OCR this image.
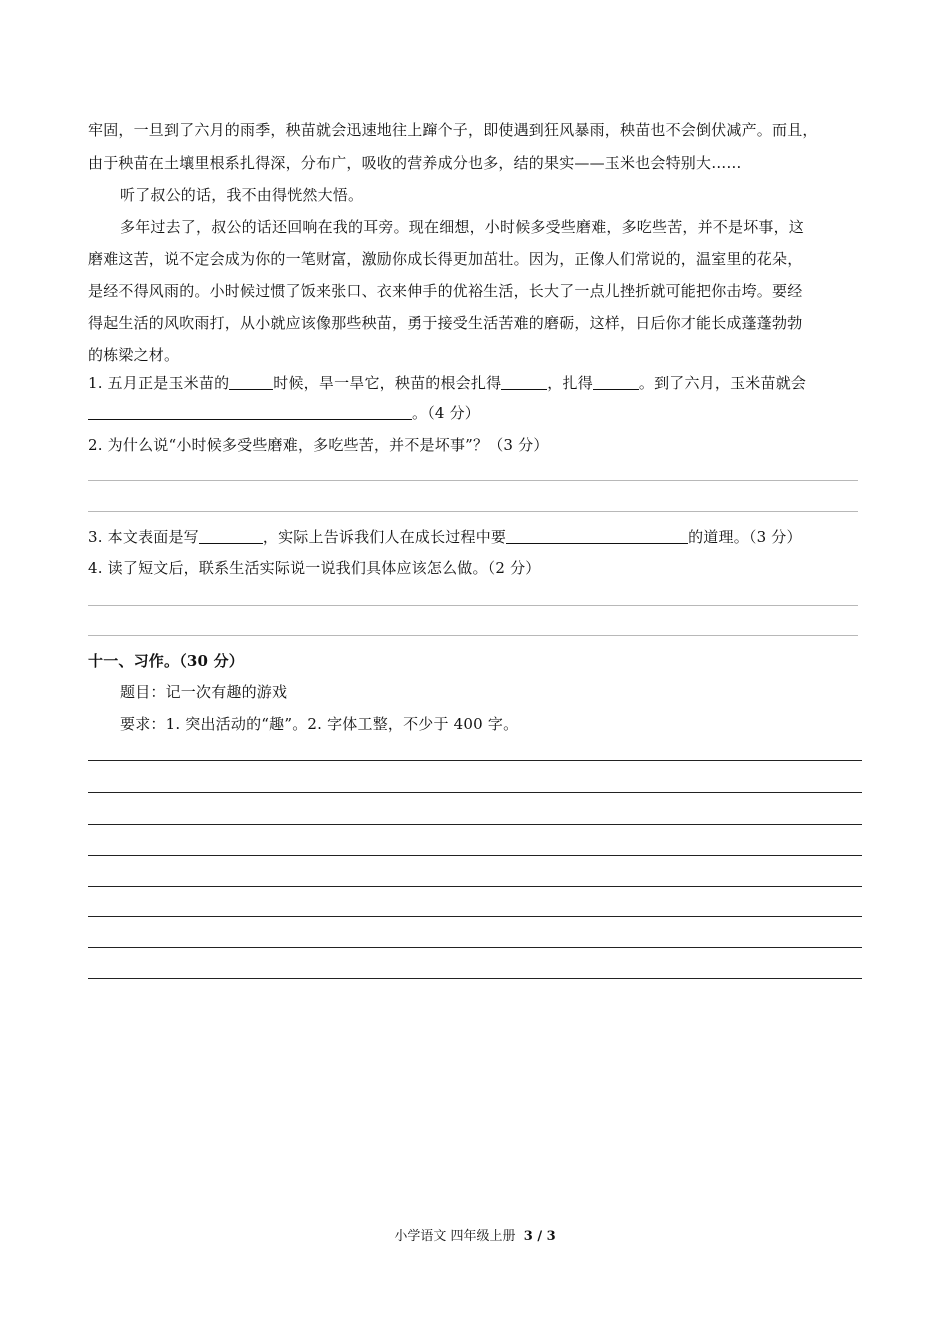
牢固，一旦到了六月的雨季，秧苗就会迅速地往上蹿个子，即使遇到狂风暴雨，秧苗也不会倒伏减产。而且，
由于秧苗在土壤里根系扎得深，分布广，吸收的营养成分也多，结的果实——玉米也会特别大……
听了叔公的话，我不由得恍然大悟。
多年过去了，叔公的话还回响在我的耳旁。现在细想，小时候多受些磨难，多吃些苦，并不是坏事，这
磨难这苦，说不定会成为你的一笔财富，激励你成长得更加茁壮。因为，正像人们常说的，温室里的花朵，
是经不得风雨的。小时候过惯了饭来张口、衣来伸手的优裕生活，长大了一点儿挫折就可能把你击垮。要经
得起生活的风吹雨打，从小就应该像那些秧苗，勇于接受生活苦难的磨砺，这样，日后你才能长成蓬蓬勃勃
的栋梁之材。
1. 五月正是玉米苗的	时候，旱一旱它，秧苗的根会扎得	，扎得	。到了六月，玉米苗就会
。（4 分）
2. 为什么说“小时候多受些磨难，多吃些苦，并不是坏事”？（3 分）
3. 本文表面是写	，实际上告诉我们人在成长过程中要	的道理。（3 分）
4. 读了短文后，联系生活实际说一说我们具体应该怎么做。（2 分）
十一、习作。（30 分）
题目：记一次有趣的游戏
要求：1. 突出活动的“趣”。2. 字体工整，不少于 400 字。
小学语文 四年级上册 3 / 3
